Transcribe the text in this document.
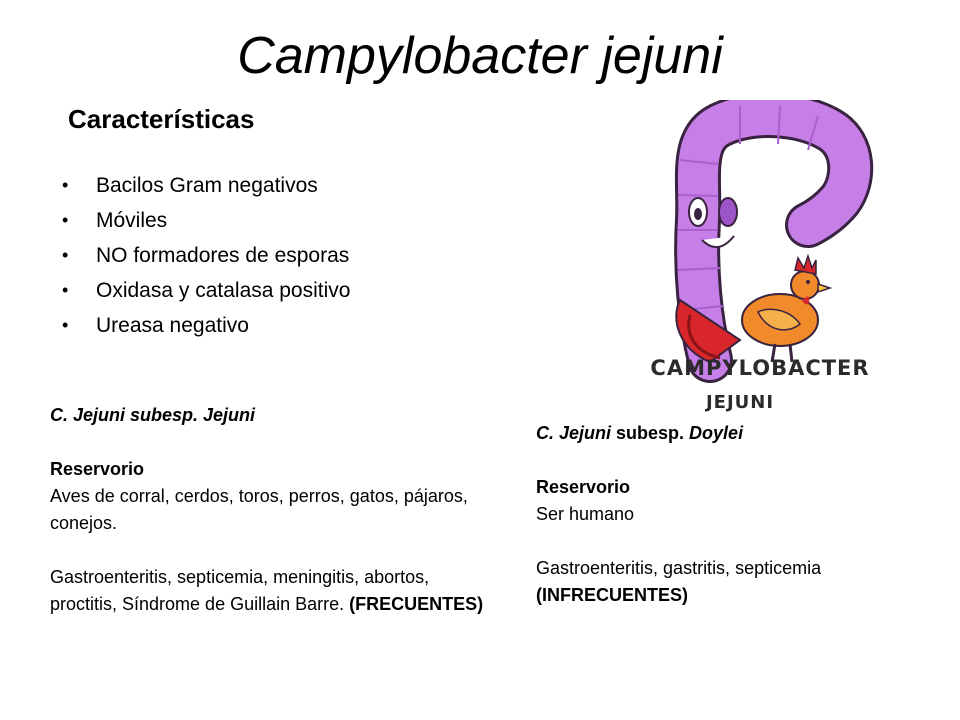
Campylobacter jejuni
Características
• Bacilos Gram negativos
• Móviles
• NO formadores de esporas
• Oxidasa y catalasa positivo
• Ureasa negativo

C. Jejuni subesp. Jejuni

Reservorio

Aves de corral, cerdos, toros, perros, gatos, pájaros, conejos.

Gastroenteritis, septicemia, meningitis, abortos, proctitis, Síndrome de Guillain Barre. (FRECUENTES)

C. Jejuni subesp. Doylei

Reservorio

Ser humano

Gastroenteritis, gastritis, septicemia

(INFRECUENTES)

CAMPYLOBACTER
JEJUNI
